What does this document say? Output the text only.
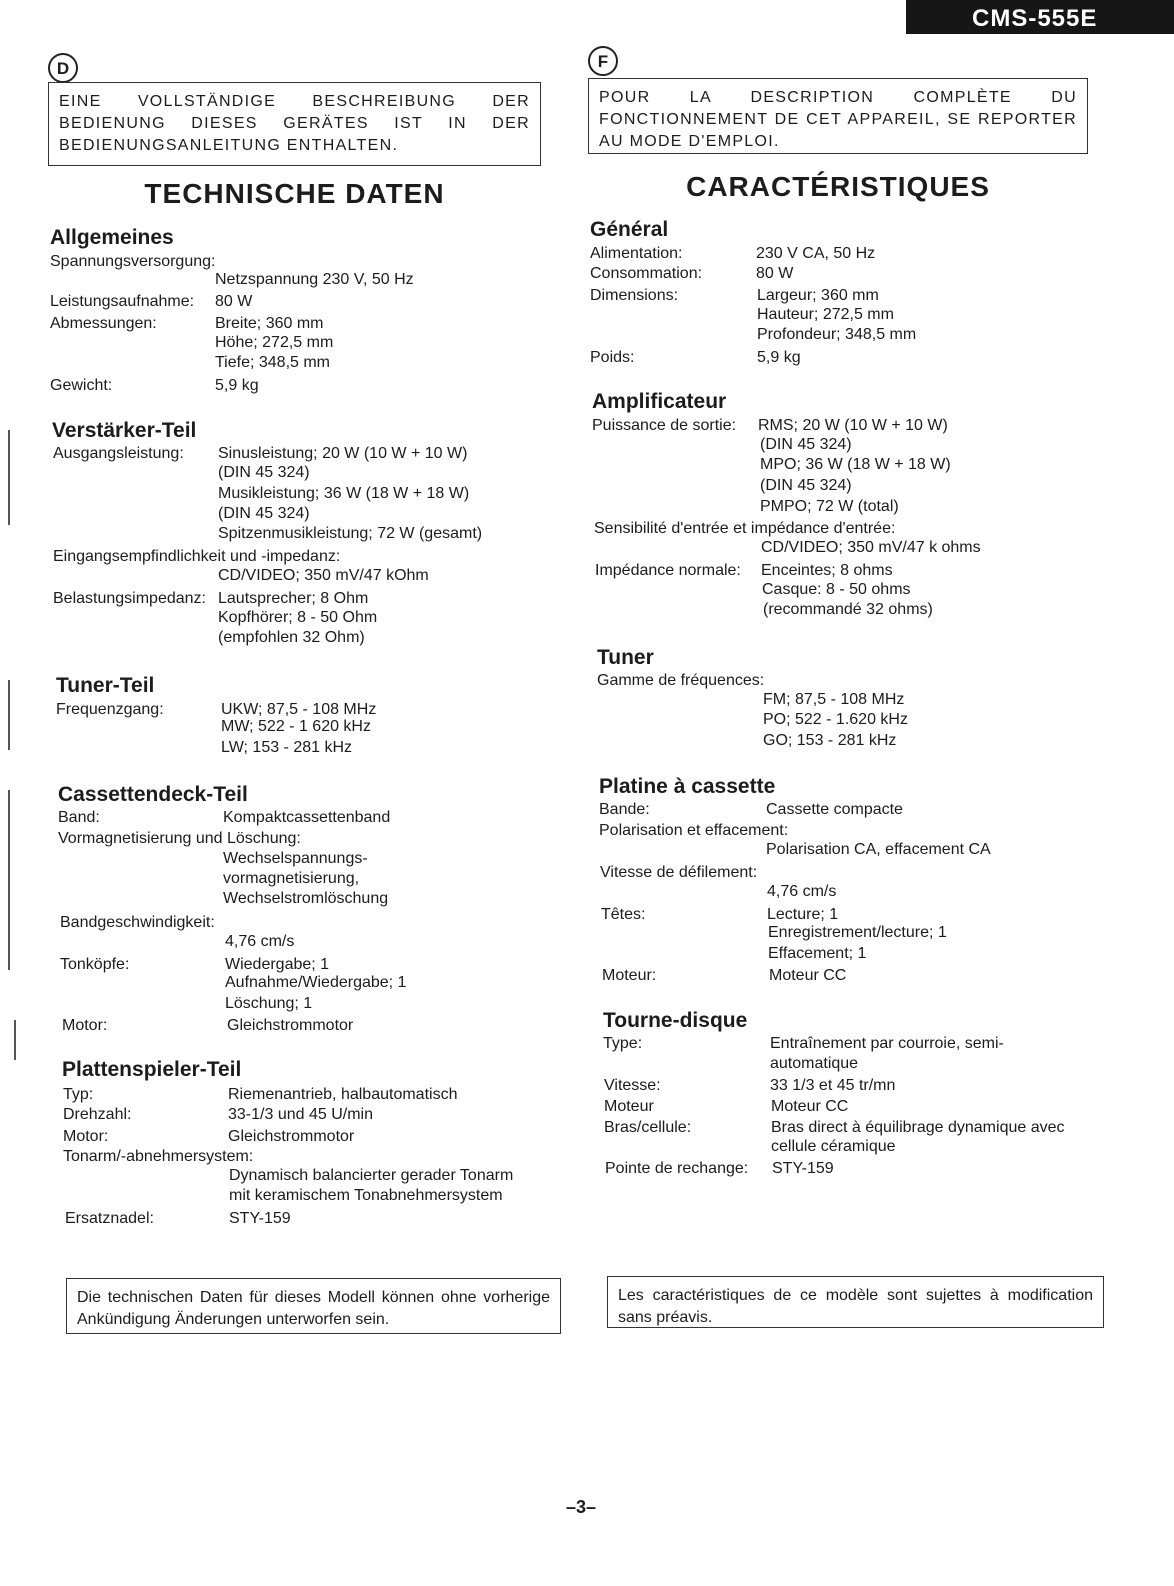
CMS-555E
D
EINE VOLLSTÄNDIGE BESCHREIBUNG DER BEDIENUNG DIESES GERÄTES IST IN DER BEDIENUNGSANLEITUNG ENTHALTEN.
TECHNISCHE DATEN
Allgemeines
Spannungsversorgung:
Netzspannung 230 V, 50 Hz
Leistungsaufnahme: 80 W
Abmessungen:	Breite; 360 mm
Höhe; 272,5 mm
Tiefe; 348,5 mm
Gewicht:	5,9 kg
Verstärker-Teil
Ausgangsleistung: Sinusleistung; 20 W (10 W + 10 W)
(DIN 45 324)
Musikleistung; 36 W (18 W + 18 W)
(DIN 45 324)
Spitzenmusikleistung; 72 W (gesamt)
Eingangsempfindlichkeit und -impedanz:
CD/VIDEO; 350 mV/47 kOhm
Belastungsimpedanz: Lautsprecher; 8 Ohm
Kopfhörer; 8 - 50 Ohm
(empfohlen 32 Ohm)
Tuner-Teil
Frequenzgang:	UKW; 87,5 - 108 MHz
MW; 522 - 1 620 kHz
LW; 153 - 281 kHz
Cassettendeck-Teil
Band:	Kompaktcassettenband
Vormagnetisierung und Löschung:
Wechselspannungs-
vormagnetisierung,
Wechselstromlöschung
Bandgeschwindigkeit:
4,76 cm/s
Tonköpfe:	Wiedergabe; 1
Aufnahme/Wiedergabe; 1
Löschung; 1
Motor:	Gleichstrommotor
Plattenspieler-Teil
Typ:	Riemenantrieb, halbautomatisch
Drehzahl:	33-1/3 und 45 U/min
Motor:	Gleichstrommotor
Tonarm/-abnehmersystem:
Dynamisch balancierter gerader Tonarm
mit keramischem Tonabnehmersystem
Ersatznadel:	STY-159
Die technischen Daten für dieses Modell können ohne vorherige Ankündigung Änderungen unterworfen sein.
F
POUR LA DESCRIPTION COMPLÈTE DU FONCTIONNEMENT DE CET APPAREIL, SE REPORTER AU MODE D'EMPLOI.
CARACTÉRISTIQUES
Général
Alimentation:	230 V CA, 50 Hz
Consommation:	80 W
Dimensions:	Largeur; 360 mm
Hauteur; 272,5 mm
Profondeur; 348,5 mm
Poids:	5,9 kg
Amplificateur
Puissance de sortie: RMS; 20 W (10 W + 10 W)
(DIN 45 324)
MPO; 36 W (18 W + 18 W)
(DIN 45 324)
PMPO; 72 W (total)
Sensibilité d'entrée et impédance d'entrée:
CD/VIDEO; 350 mV/47 k ohms
Impédance normale: Enceintes; 8 ohms
Casque: 8 - 50 ohms
(recommandé 32 ohms)
Tuner
Gamme de fréquences:
FM; 87,5 - 108 MHz
PO; 522 - 1.620 kHz
GO; 153 - 281 kHz
Platine à cassette
Bande:	Cassette compacte
Polarisation et effacement:
Polarisation CA, effacement CA
Vitesse de défilement:
4,76 cm/s
Têtes:	Lecture; 1
Enregistrement/lecture; 1
Effacement; 1
Moteur:	Moteur CC
Tourne-disque
Type:	Entraînement par courroie, semi-
automatique
Vitesse:	33 1/3 et 45 tr/mn
Moteur	Moteur CC
Bras/cellule:	Bras direct à équilibrage dynamique avec
cellule céramique
Pointe de rechange: STY-159
Les caractéristiques de ce modèle sont sujettes à modification sans préavis.
–3–
